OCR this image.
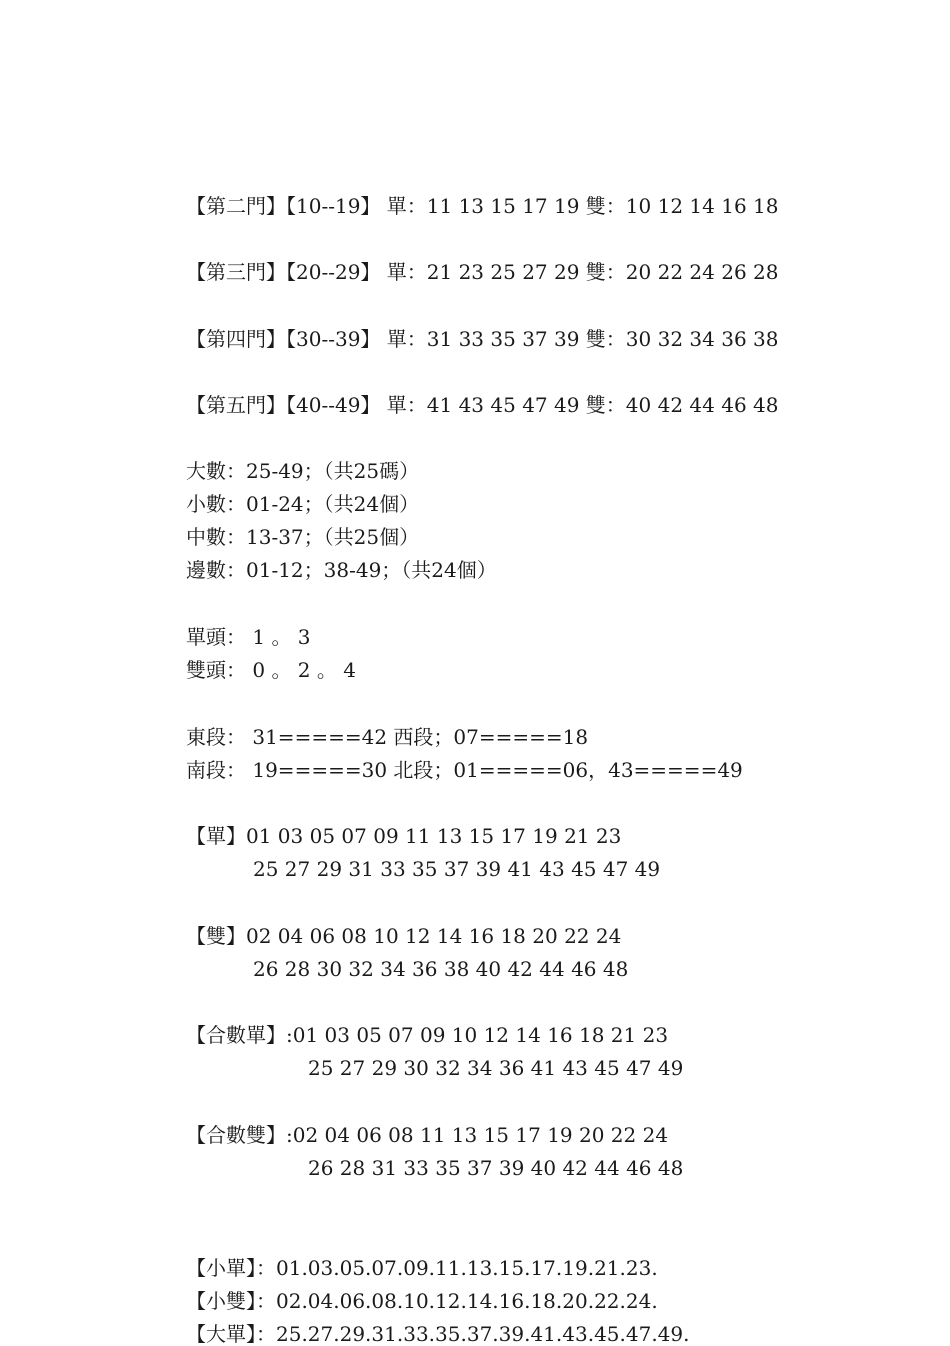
【第二門】【10--19】 單：11 13 15 17 19 雙：10 12 14 16 18
【第三門】【20--29】 單：21 23 25 27 29 雙：20 22 24 26 28
【第四門】【30--39】 單：31 33 35 37 39 雙：30 32 34 36 38
【第五門】【40--49】 單：41 43 45 47 49 雙：40 42 44 46 48
大數：25-49；（共25碼）
小數：01-24；（共24個）
中數：13-37；（共25個）
邊數：01-12；38-49；（共24個）
單頭： 1 。 3
雙頭： 0 。 2 。 4
東段： 31=====42 西段；07=====18
南段： 19=====30 北段；01=====06，43=====49
【單】01 03 05 07 09 11 13 15 17 19 21 23
25 27 29 31 33 35 37 39 41 43 45 47 49
【雙】02 04 06 08 10 12 14 16 18 20 22 24
26 28 30 32 34 36 38 40 42 44 46 48
【合數單】:01 03 05 07 09 10 12 14 16 18 21 23
25 27 29 30 32 34 36 41 43 45 47 49
【合數雙】:02 04 06 08 11 13 15 17 19 20 22 24
26 28 31 33 35 37 39 40 42 44 46 48
【小單】：01.03.05.07.09.11.13.15.17.19.21.23.
【小雙】：02.04.06.08.10.12.14.16.18.20.22.24.
【大單】：25.27.29.31.33.35.37.39.41.43.45.47.49.
